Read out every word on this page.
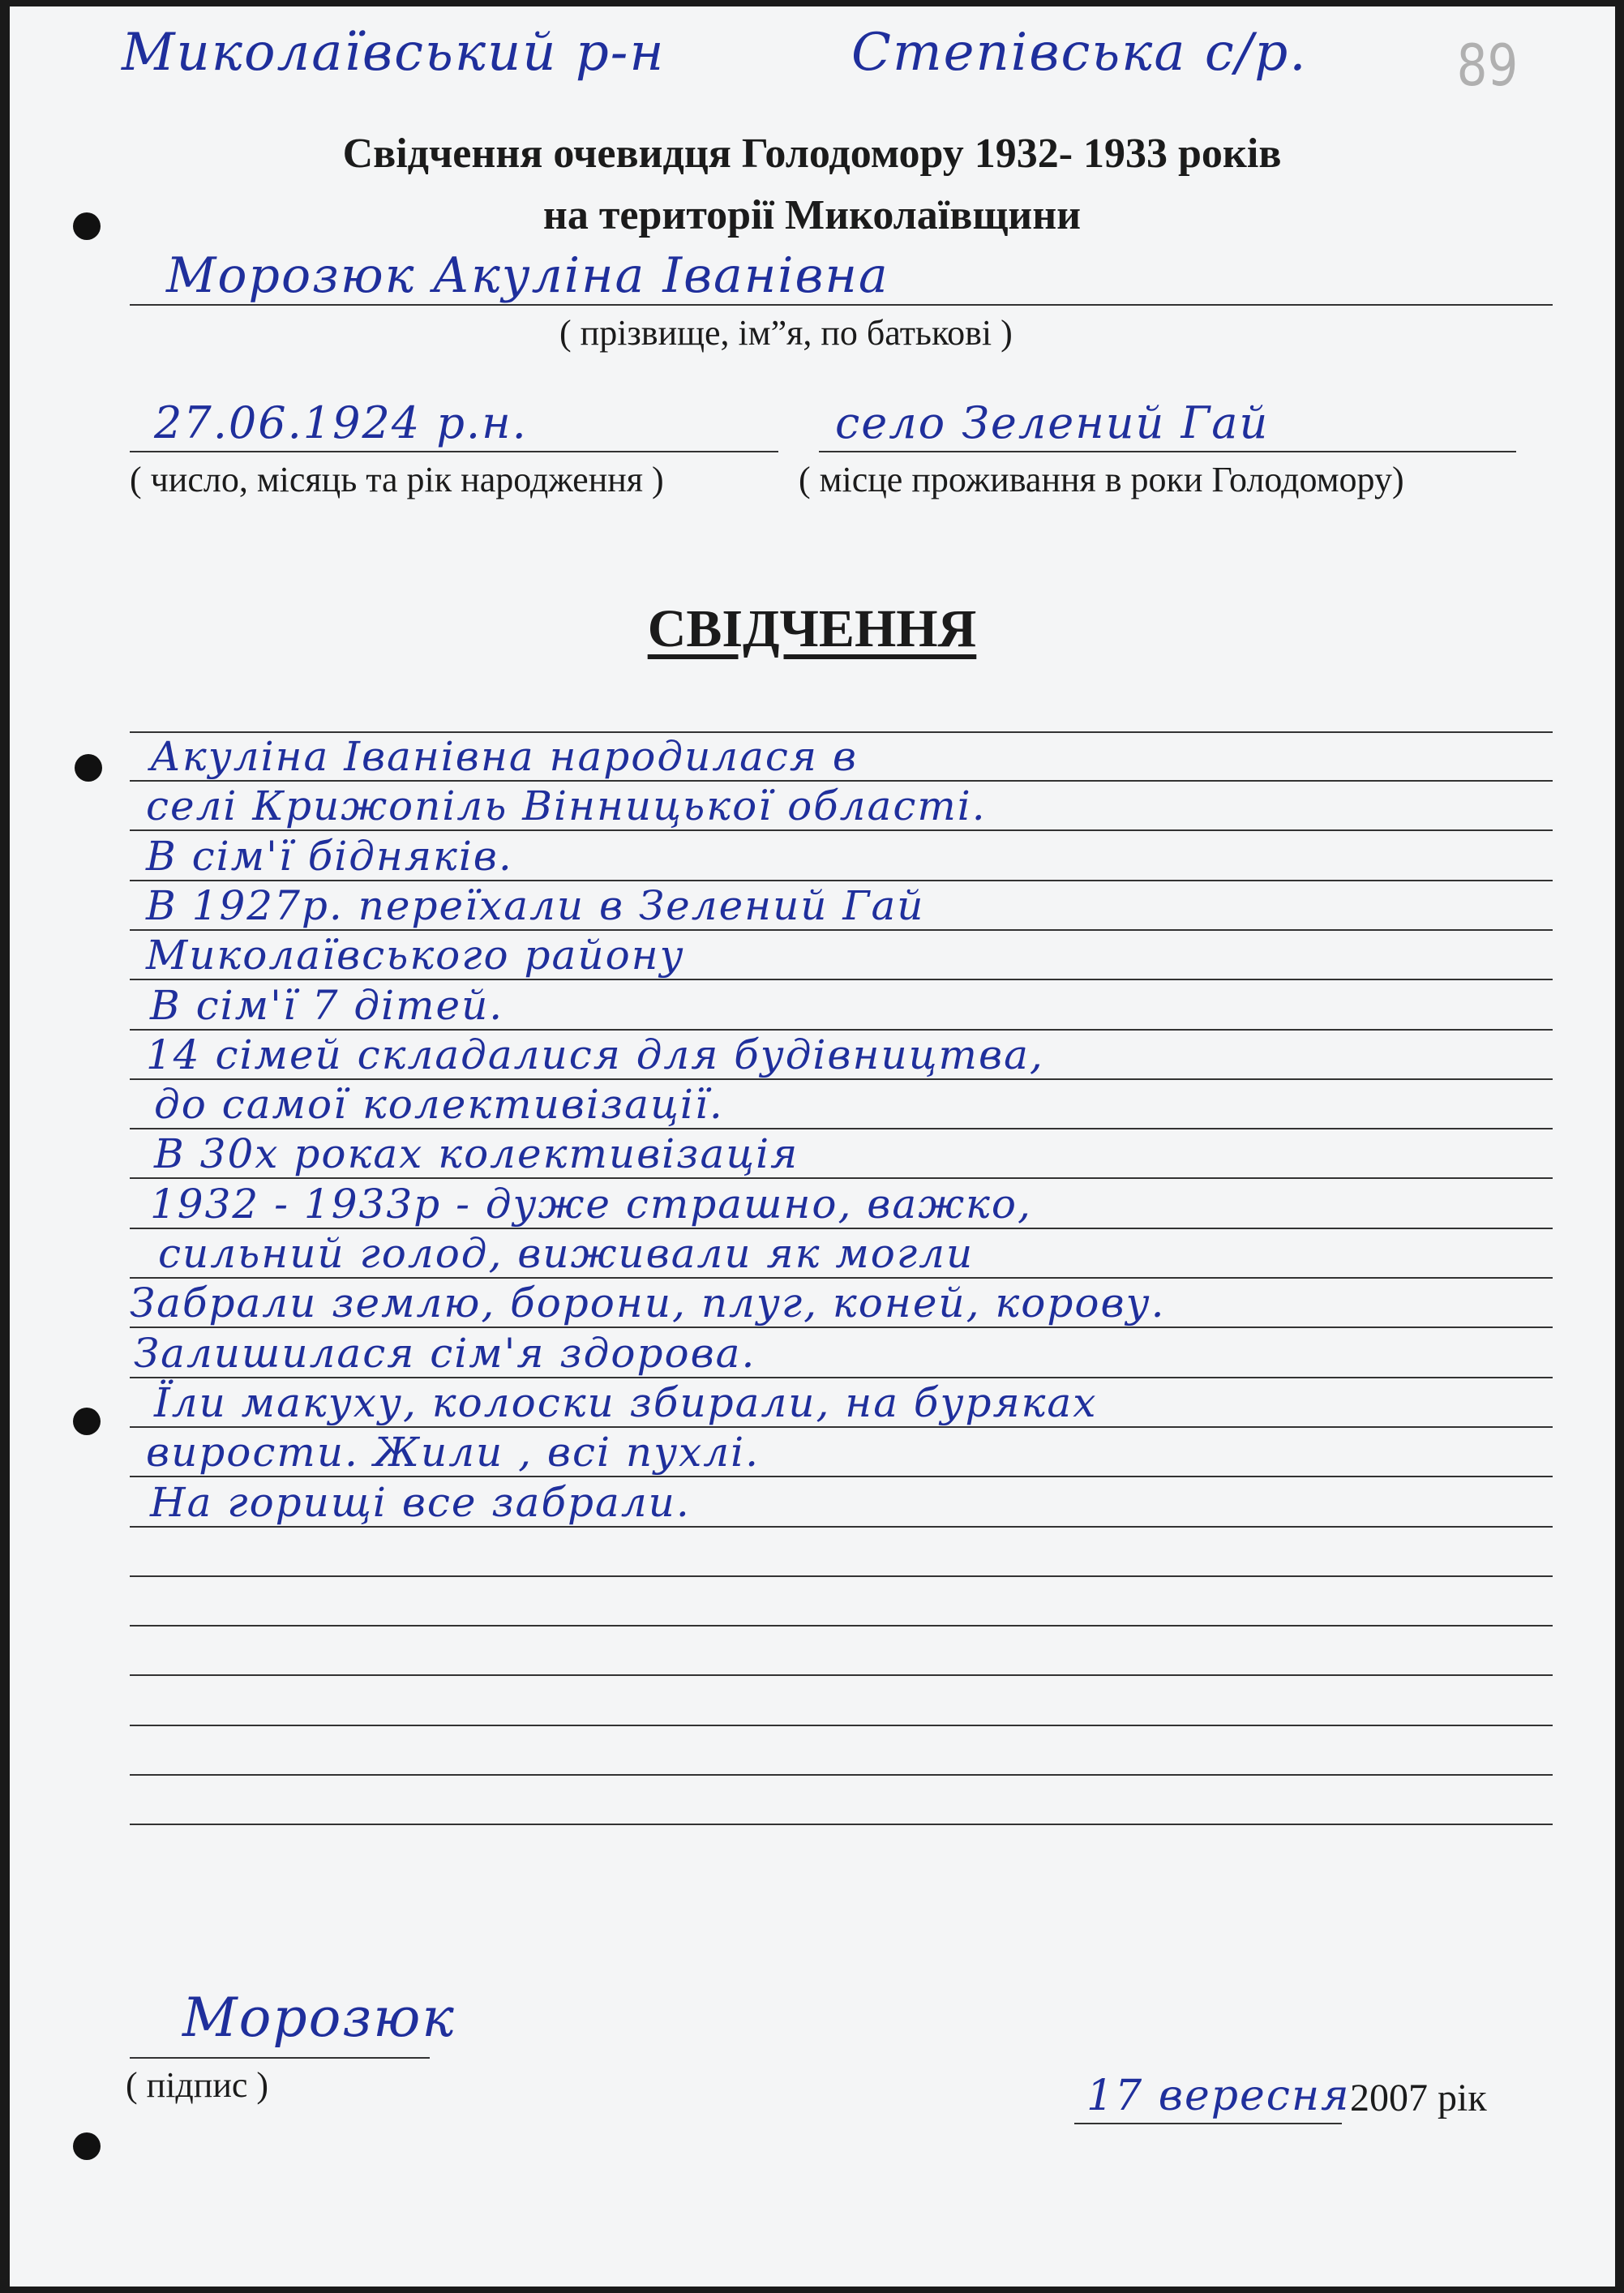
Миколаївський р-н	Степівська с/р.	89
Свідчення очевидця Голодомору 1932- 1933 років
на території Миколаївщини
Морозюк Акуліна Іванівна
( прізвище, ім”я, по батькові )
27.06.1924 р.н.	село Зелений Гай
( число, місяць та рік народження )	( місце проживання в роки Голодомору)
СВІДЧЕННЯ
Акуліна Іванівна народилася в
селі Крижопіль Вінницької області.
В сім'ї бідняків.
В 1927р. переїхали в Зелений Гай
Миколаївського району
В сім'ї 7 дітей.
14 сімей складалися для будівництва,
до самої колективізації.
В 30х роках колективізація
1932 - 1933р - дуже страшно, важко,
сильний голод, виживали як могли
Забрали землю, борони, плуг, коней, корову.
Залишилася сім'я здорова.
Їли макуху, колоски збирали, на буряках
вирости. Жили , всі пухлі.
На горищі все забрали.
Морозюк
( підпис )	17 вересня 2007 рік
